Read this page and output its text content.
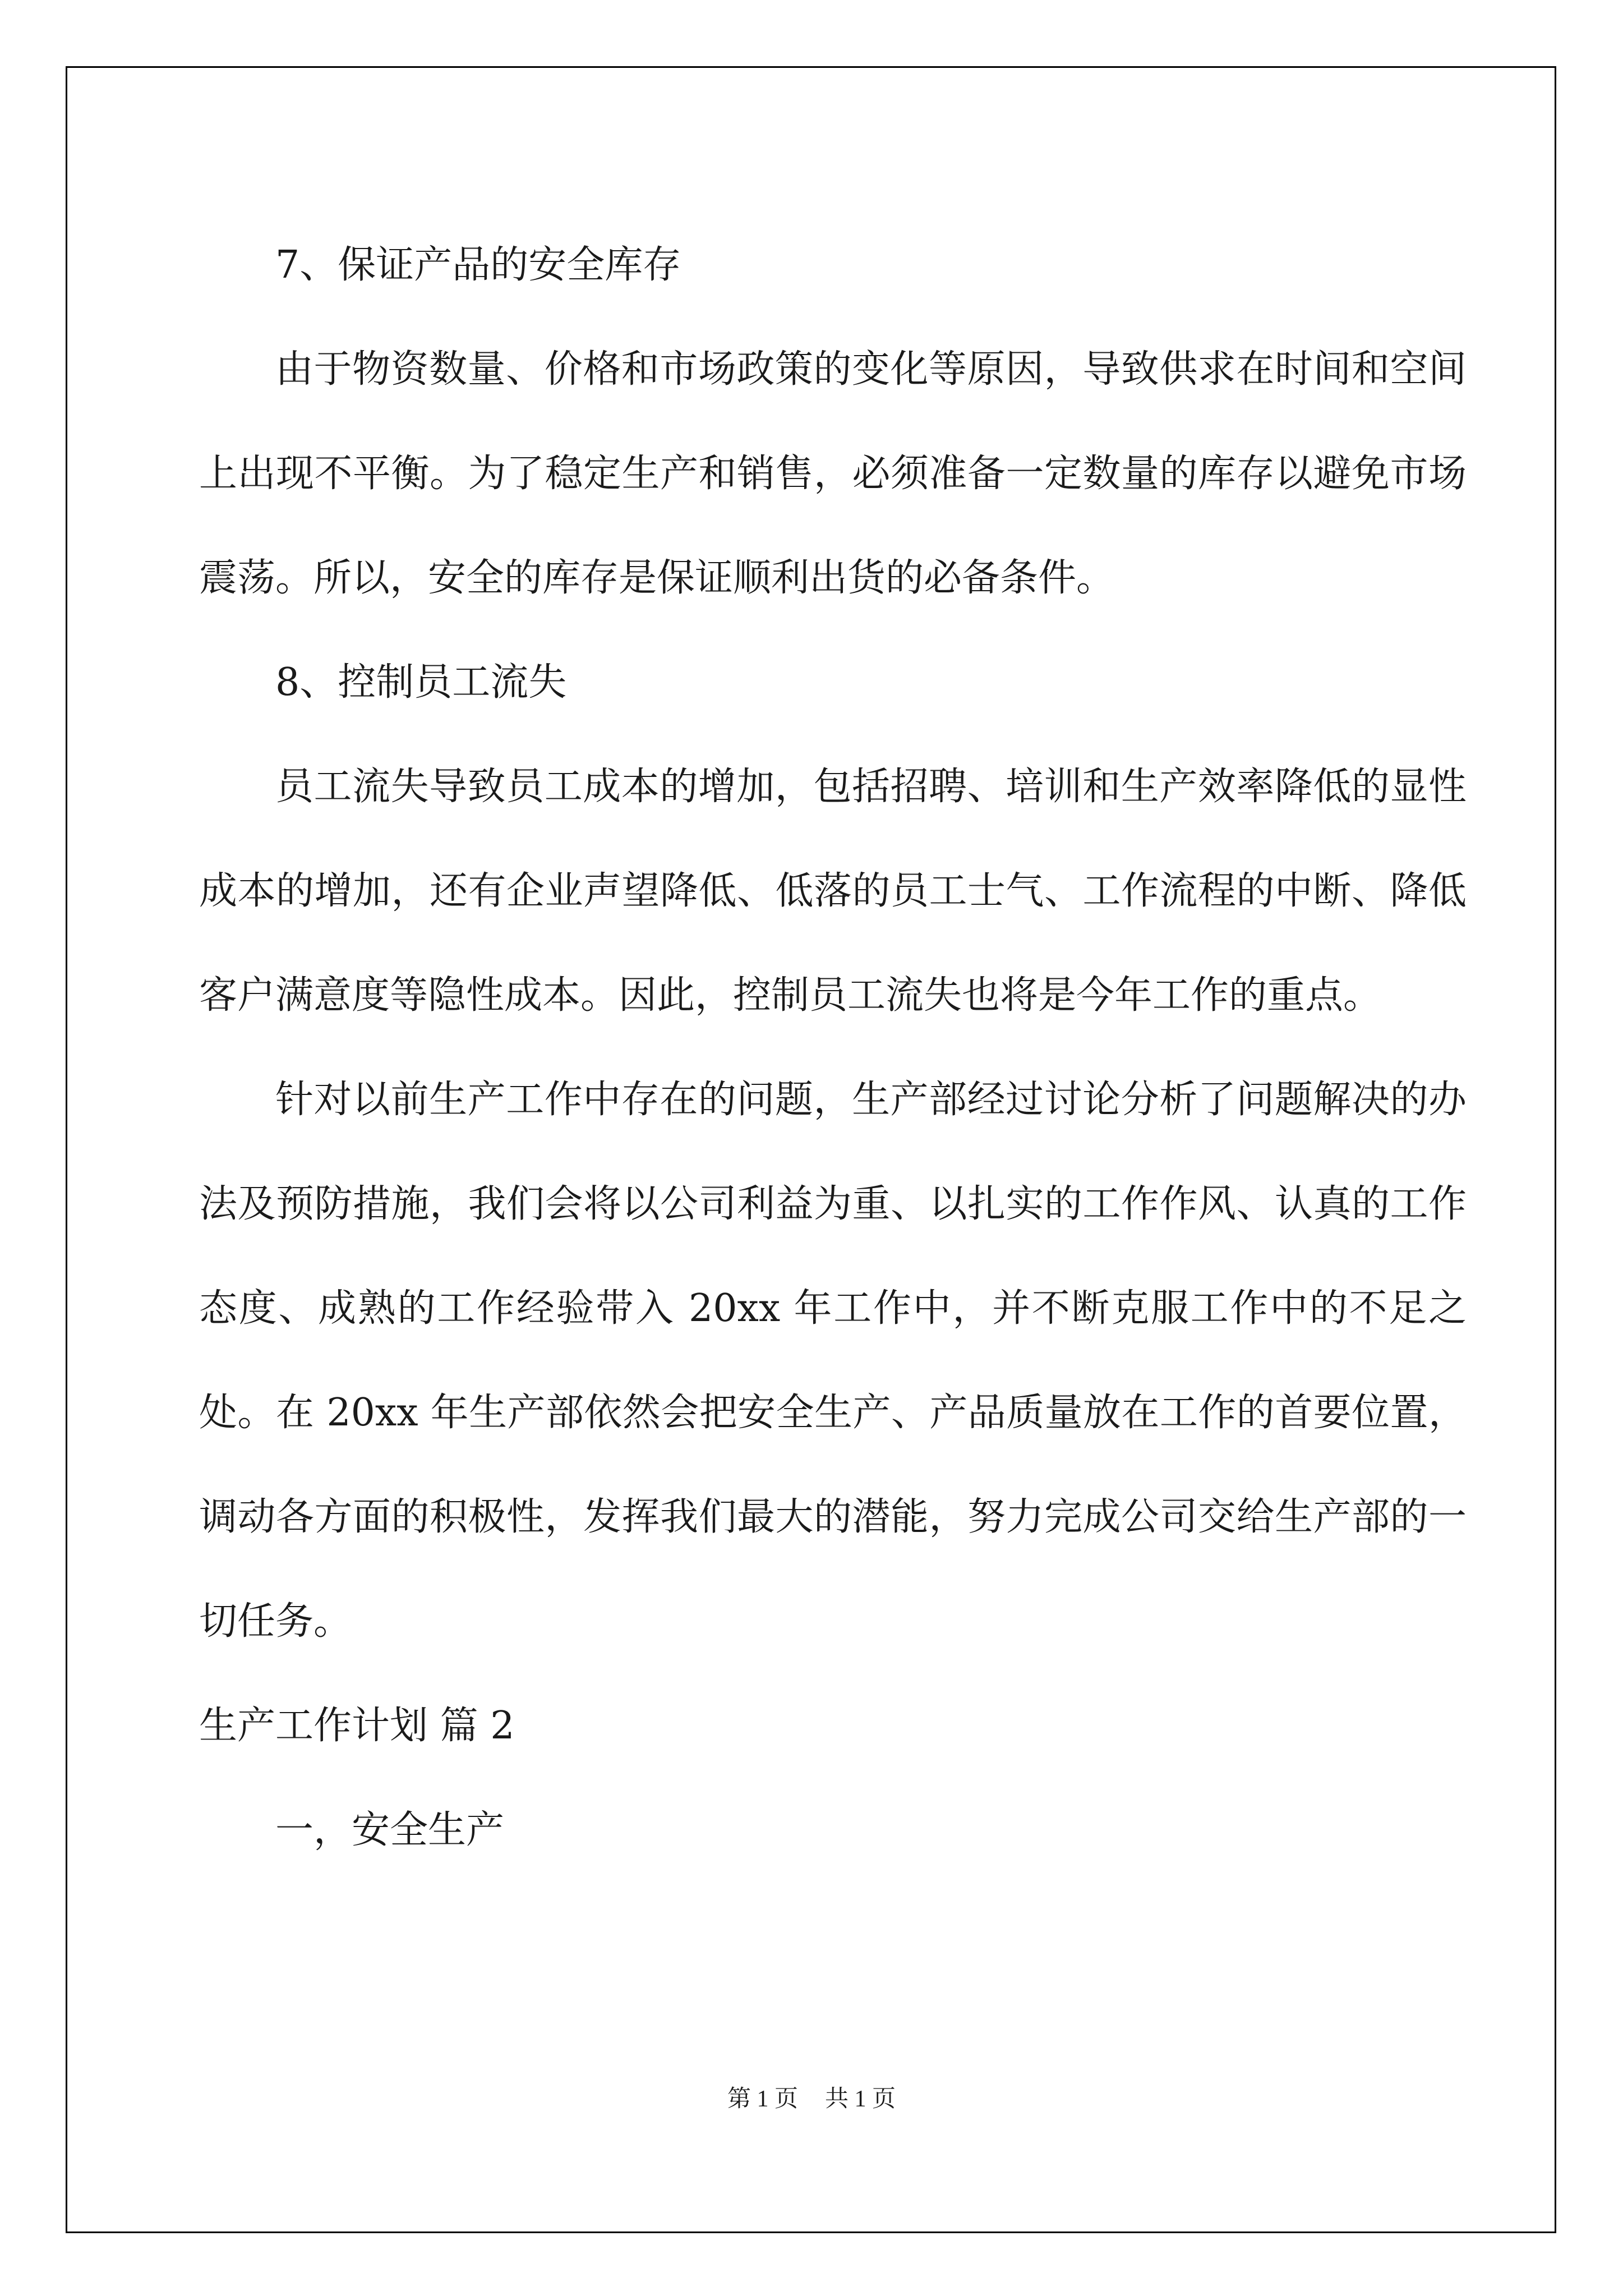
7、保证产品的安全库存

由于物资数量、价格和市场政策的变化等原因，导致供求在时间和空间上出现不平衡。为了稳定生产和销售，必须准备一定数量的库存以避免市场震荡。所以，安全的库存是保证顺利出货的必备条件。

8、控制员工流失

员工流失导致员工成本的增加，包括招聘、培训和生产效率降低的显性成本的增加，还有企业声望降低、低落的员工士气、工作流程的中断、降低客户满意度等隐性成本。因此，控制员工流失也将是今年工作的重点。

针对以前生产工作中存在的问题，生产部经过讨论分析了问题解决的办法及预防措施，我们会将以公司利益为重、以扎实的工作作风、认真的工作态度、成熟的工作经验带入 20xx 年工作中，并不断克服工作中的不足之处。在 20xx 年生产部依然会把安全生产、产品质量放在工作的首要位置，调动各方面的积极性，发挥我们最大的潜能，努力完成公司交给生产部的一切任务。

生产工作计划 篇 2

一，安全生产

第 1 页 共 1 页
